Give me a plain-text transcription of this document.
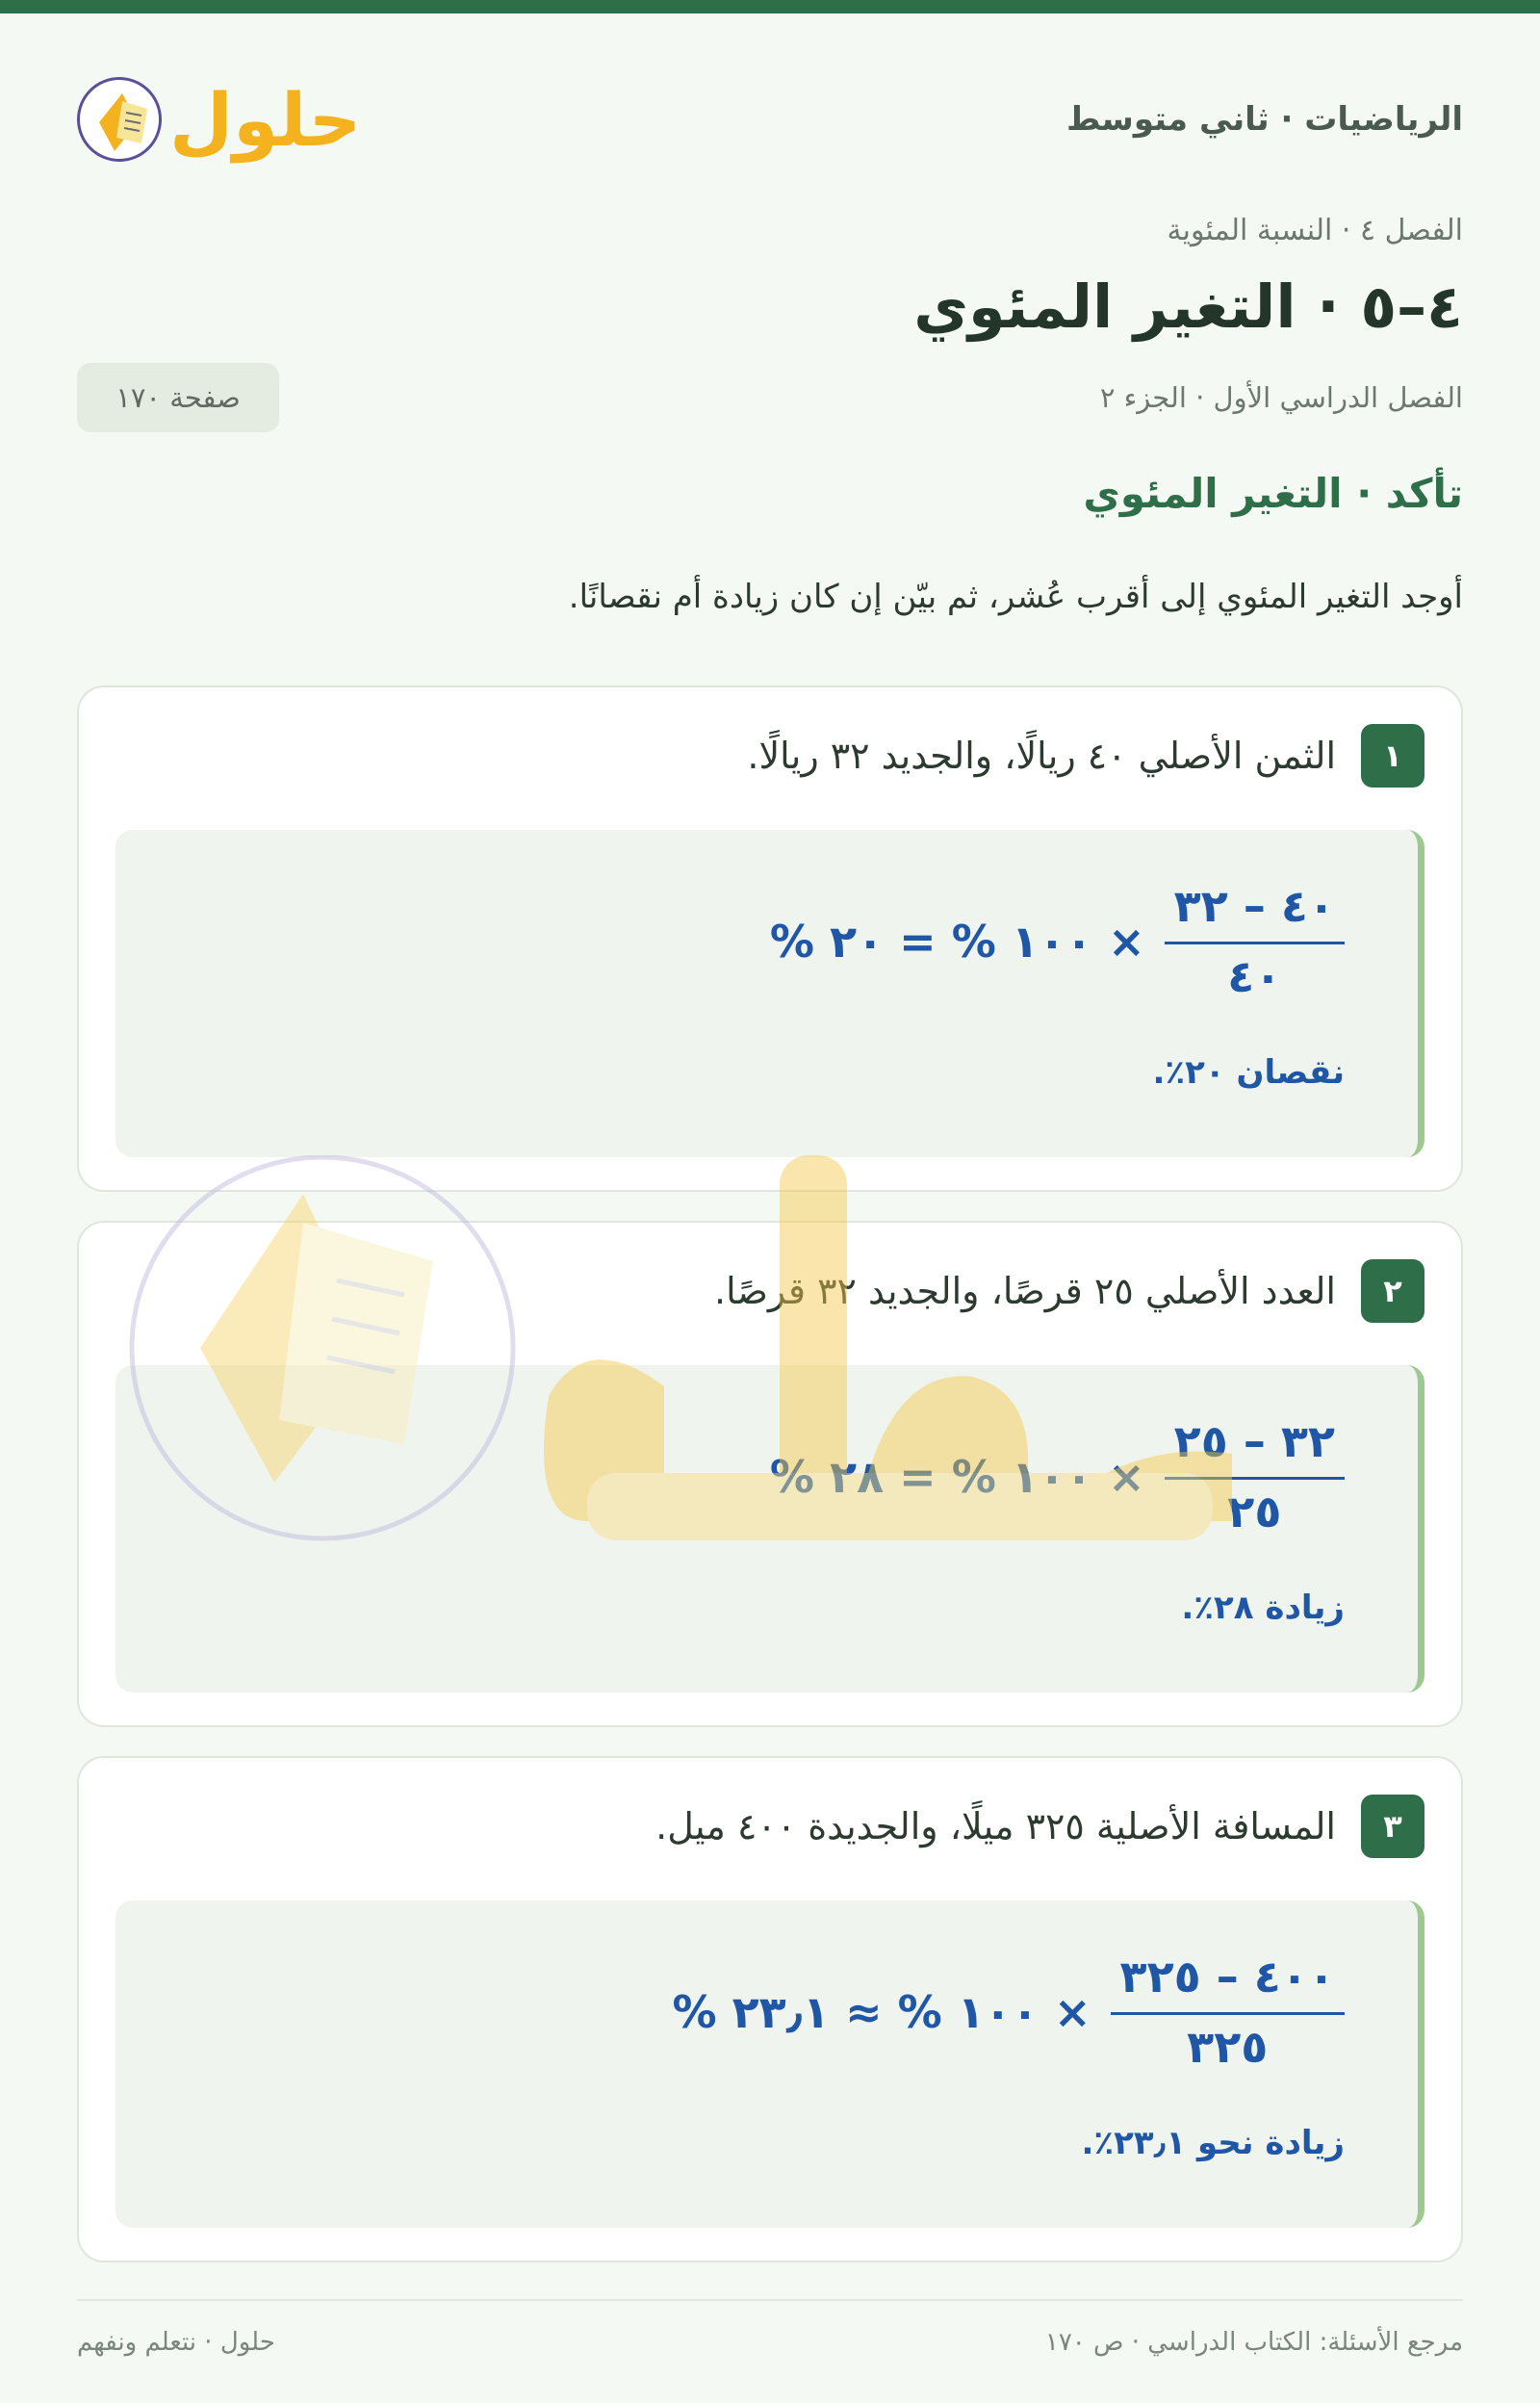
الرياضيات · ثاني متوسط
حلول
الفصل ٤ · النسبة المئوية
٤–٥ · التغير المئوي
الفصل الدراسي الأول · الجزء ٢
صفحة ١٧٠
تأكد · التغير المئوي
أوجد التغير المئوي إلى أقرب عُشر، ثم بيّن إن كان زيادة أم نقصانًا.
١
الثمن الأصلي ٤٠ ريالًا، والجديد ٣٢ ريالًا.
$\frac{٤٠ - ٣٢}{٤٠}$
× ١٠٠ % = ٢٠ %
نقصان ٢٠٪.
٢
العدد الأصلي ٢٥ قرصًا، والجديد ٣٢ قرصًا.
$\frac{٣٢ - ٢٥}{٢٥}$
× ١٠٠ % = ٢٨ %
زيادة ٢٨٪.
٣
المسافة الأصلية ٣٢٥ ميلًا، والجديدة ٤٠٠ ميل.
$\frac{٤٠٠ - ٣٢٥}{٣٢٥}$
× ١٠٠ % ≈ ٢٣٫١ %
زيادة نحو ٢٣٫١٪.
مرجع الأسئلة: الكتاب الدراسي · ص ١٧٠
حلول · نتعلم ونفهم
